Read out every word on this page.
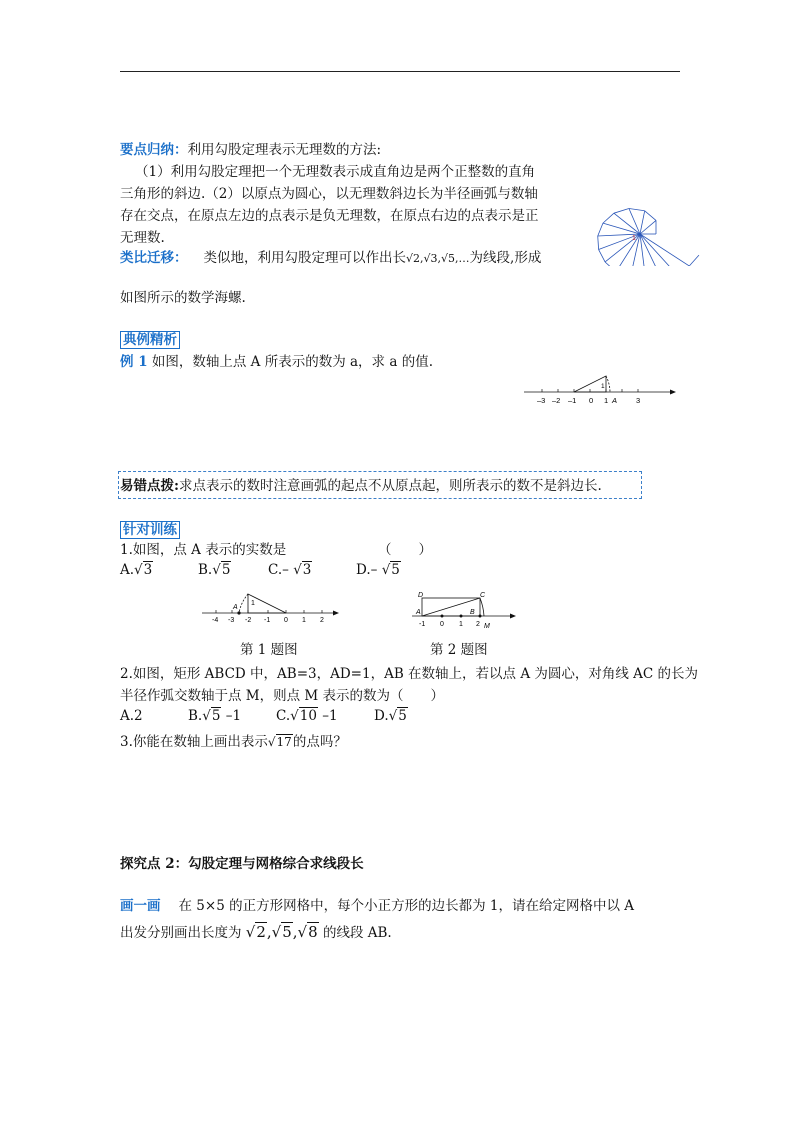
要点归纳：利用勾股定理表示无理数的方法:
（1）利用勾股定理把一个无理数表示成直角边是两个正整数的直角
三角形的斜边.（2）以原点为圆心，以无理数斜边长为半径画弧与数轴
存在交点，在原点左边的点表示是负无理数，在原点右边的点表示是正
无理数.
类比迁移： 类似地，利用勾股定理可以作出长√2,√3,√5,…为线段,形成
如图所示的数学海螺.
1
典例精析
例 1 如图，数轴上点 A 所表示的数为 a，求 a 的值.
1
–3 –2 –1 0 1 A	3
易错点拨:求点表示的数时注意画弧的起点不从原点起，则所表示的数不是斜边长.
针对训练
1.如图，点 A 表示的实数是	（　　）
A.√3	B.√5	C.– √3	D.– √5
A
1
-4 -3 -2 -1 0 1 2
D	C
A	B
M
-1 0 1 2
第 1 题图	第 2 题图
2.如图，矩形 ABCD 中，AB=3，AD=1，AB 在数轴上，若以点 A 为圆心，对角线 AC 的长为
半径作弧交数轴于点 M，则点 M 表示的数为（　　）
A.2	B.√5 –1	C.√10 –1	D.√5
3.你能在数轴上画出表示√17的点吗？
探究点 2：勾股定理与网格综合求线段长
画一画 在 5×5 的正方形网格中，每个小正方形的边长都为 1，请在给定网格中以 A
出发分别画出长度为 √2,√5,√8 的线段 AB.
